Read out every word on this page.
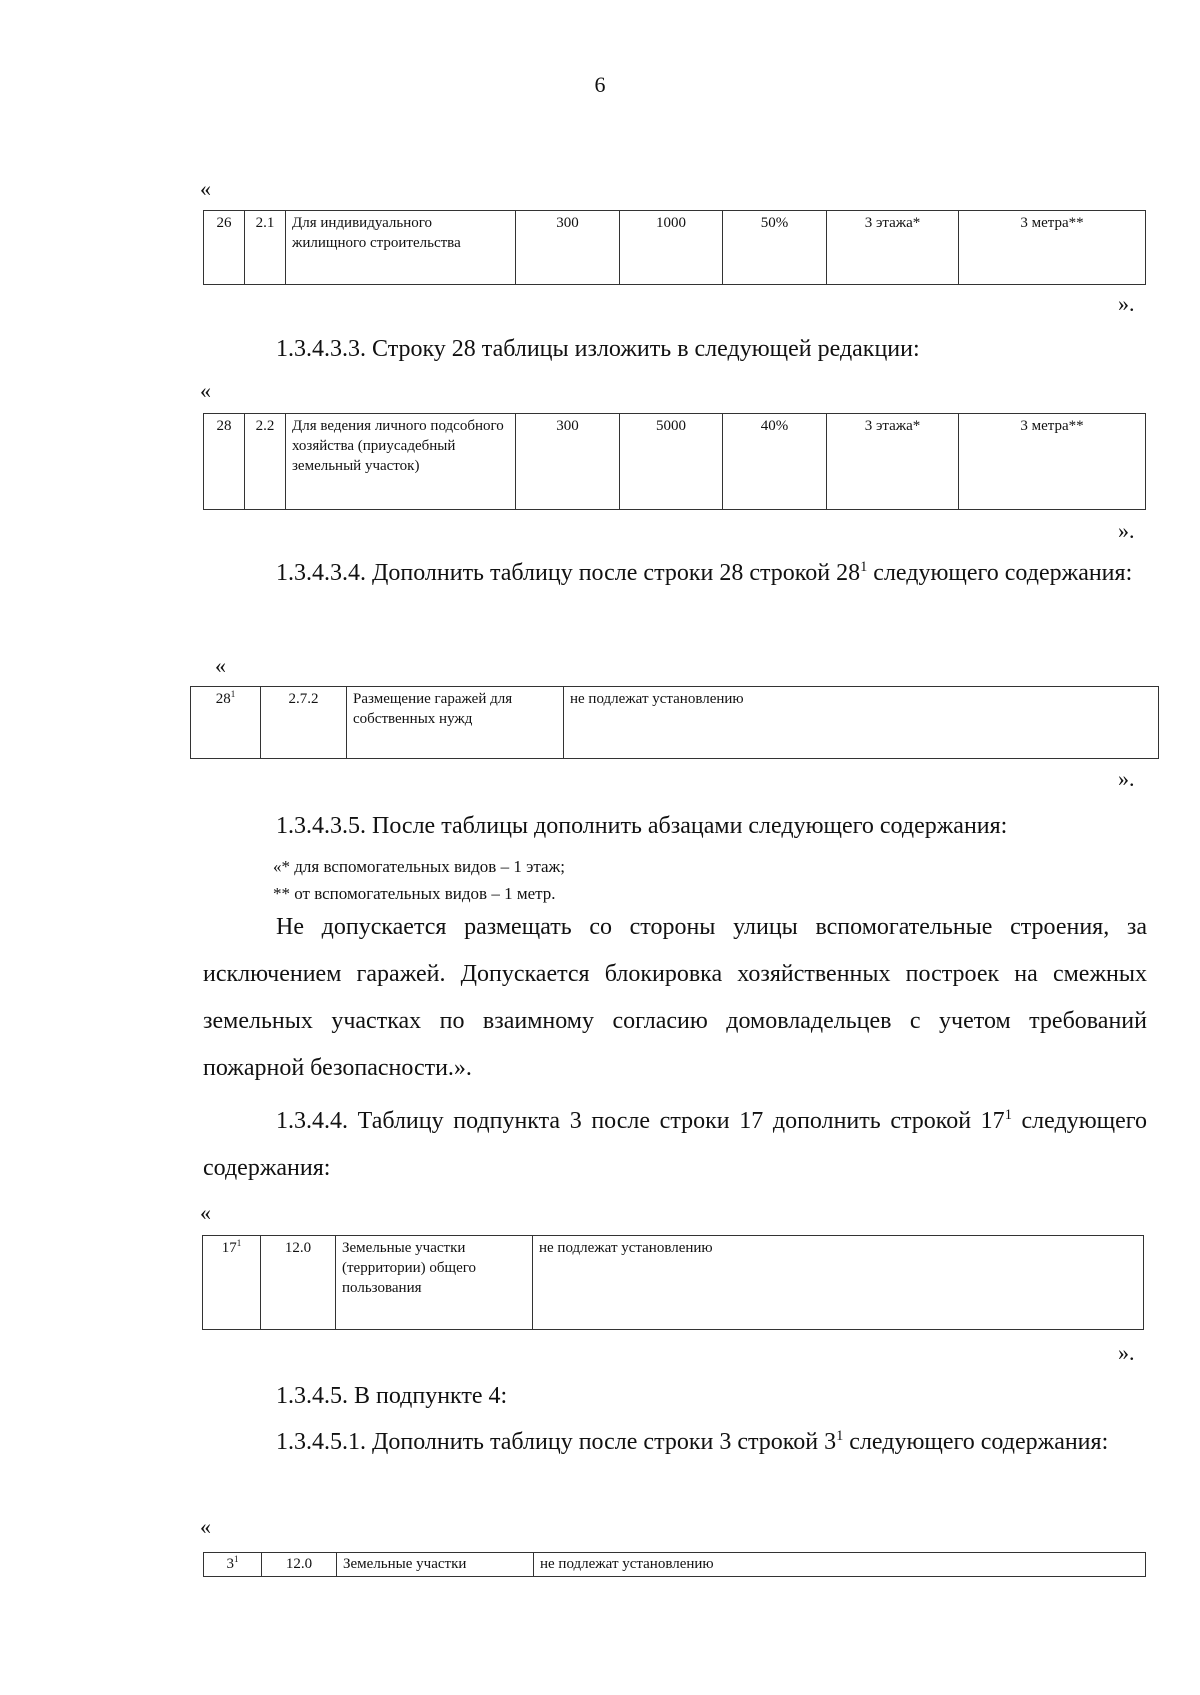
6
«
26	2.1	Для индивидуального жилищного строительства	300	1000	50%	3 этажа*	3 метра**
».

1.3.4.3.3. Строку 28 таблицы изложить в следующей редакции:

«
28	2.2	Для ведения личного подсобного хозяйства (приусадебный земельный участок)	300	5000	40%	3 этажа*	3 метра**
».

1.3.4.3.4. Дополнить таблицу после строки 28 строкой $28^1$ следующего содержания:

«
$28^1$	2.7.2	Размещение гаражей для собственных нужд	не подлежат установлению
».

1.3.4.3.5. После таблицы дополнить абзацами следующего содержания:

«* для вспомогательных видов – 1 этаж;

** от вспомогательных видов – 1 метр.

Не допускается размещать со стороны улицы вспомогательные строения, за исключением гаражей. Допускается блокировка хозяйственных построек на смежных земельных участках по взаимному согласию домовладельцев с учетом требований пожарной безопасности.».

1.3.4.4. Таблицу подпункта 3 после строки 17 дополнить строкой $17^1$ следующего содержания:

«
$17^1$	12.0	Земельные участки (территории) общего пользования	не подлежат установлению
».

1.3.4.5. В подпункте 4:

1.3.4.5.1. Дополнить таблицу после строки 3 строкой $3^1$ следующего содержания:

«
$3^1$	12.0	Земельные участки	не подлежат установлению
